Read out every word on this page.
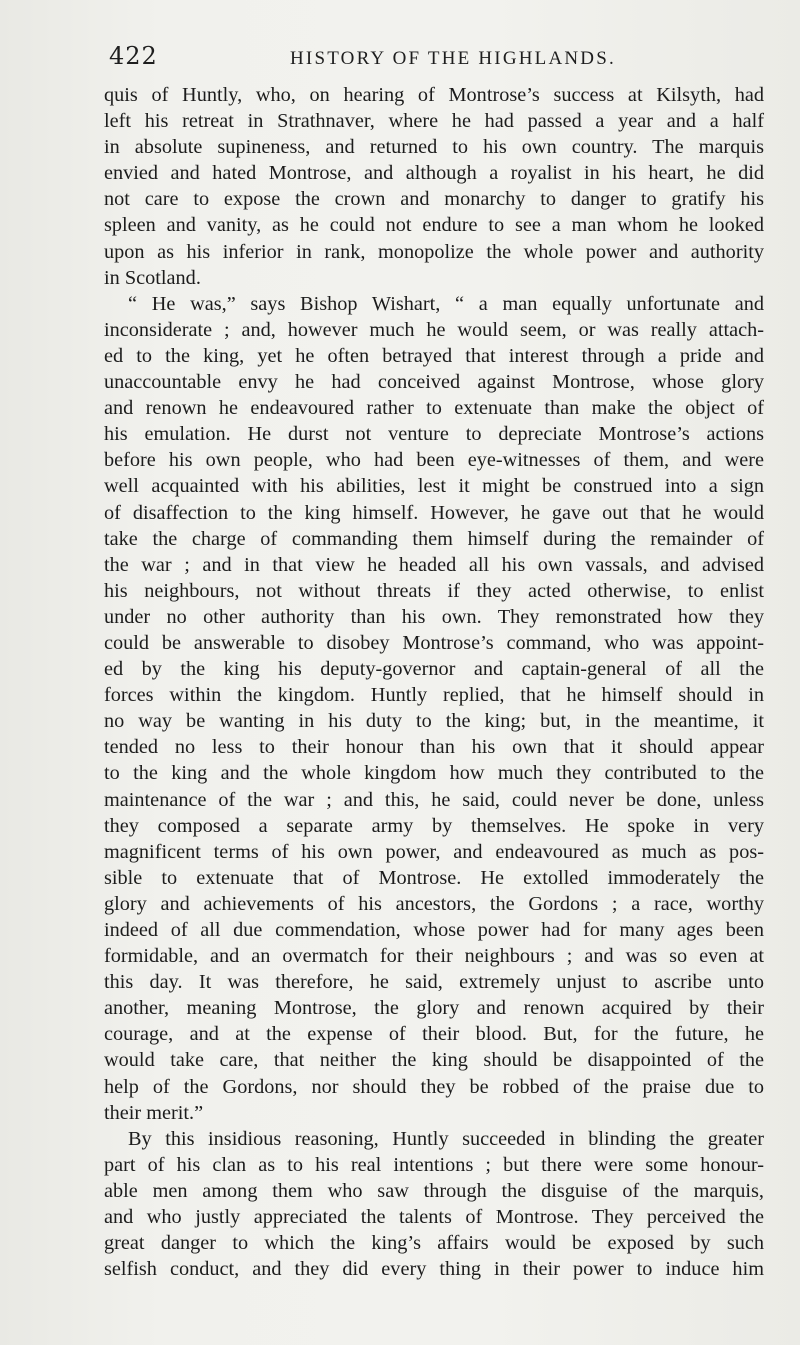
422	HISTORY OF THE HIGHLANDS.

quis of Huntly, who, on hearing of Montrose’s success at Kilsyth, had
left his retreat in Strathnaver, where he had passed a year and a half
in absolute supineness, and returned to his own country. The marquis
envied and hated Montrose, and although a royalist in his heart, he did
not care to expose the crown and monarchy to danger to gratify his
spleen and vanity, as he could not endure to see a man whom he looked
upon as his inferior in rank, monopolize the whole power and authority
in Scotland.

“ He was,” says Bishop Wishart, “ a man equally unfortunate and
inconsiderate ; and, however much he would seem, or was really attach-
ed to the king, yet he often betrayed that interest through a pride and
unaccountable envy he had conceived against Montrose, whose glory
and renown he endeavoured rather to extenuate than make the object of
his emulation. He durst not venture to depreciate Montrose’s actions
before his own people, who had been eye-witnesses of them, and were
well acquainted with his abilities, lest it might be construed into a sign
of disaffection to the king himself. However, he gave out that he would
take the charge of commanding them himself during the remainder of
the war ; and in that view he headed all his own vassals, and advised
his neighbours, not without threats if they acted otherwise, to enlist
under no other authority than his own. They remonstrated how they
could be answerable to disobey Montrose’s command, who was appoint-
ed by the king his deputy-governor and captain-general of all the
forces within the kingdom. Huntly replied, that he himself should in
no way be wanting in his duty to the king; but, in the meantime, it
tended no less to their honour than his own that it should appear
to the king and the whole kingdom how much they contributed to the
maintenance of the war ; and this, he said, could never be done, unless
they composed a separate army by themselves. He spoke in very
magnificent terms of his own power, and endeavoured as much as pos-
sible to extenuate that of Montrose. He extolled immoderately the
glory and achievements of his ancestors, the Gordons ; a race, worthy
indeed of all due commendation, whose power had for many ages been
formidable, and an overmatch for their neighbours ; and was so even at
this day. It was therefore, he said, extremely unjust to ascribe unto
another, meaning Montrose, the glory and renown acquired by their
courage, and at the expense of their blood. But, for the future, he
would take care, that neither the king should be disappointed of the
help of the Gordons, nor should they be robbed of the praise due to
their merit.”

By this insidious reasoning, Huntly succeeded in blinding the greater
part of his clan as to his real intentions ; but there were some honour-
able men among them who saw through the disguise of the marquis,
and who justly appreciated the talents of Montrose. They perceived the
great danger to which the king’s affairs would be exposed by such
selfish conduct, and they did every thing in their power to induce him
